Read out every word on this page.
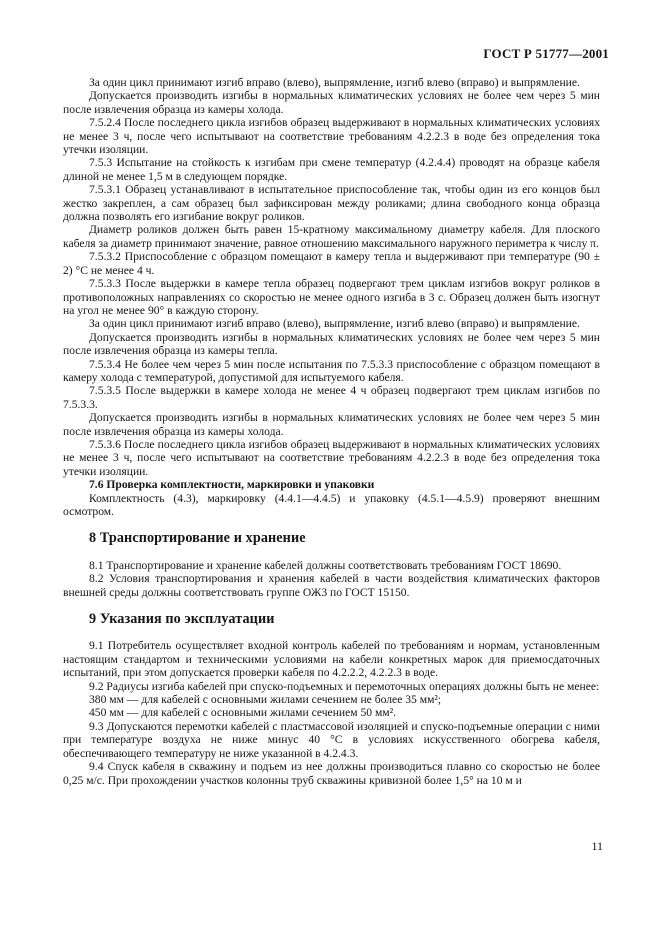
ГОСТ Р 51777—2001

За один цикл принимают изгиб вправо (влево), выпрямление, изгиб влево (вправо) и выпрямление.

Допускается производить изгибы в нормальных климатических условиях не более чем через 5 мин после извлечения образца из камеры холода.

7.5.2.4 После последнего цикла изгибов образец выдерживают в нормальных климатических условиях не менее 3 ч, после чего испытывают на соответствие требованиям 4.2.2.3 в воде без определения тока утечки изоляции.

7.5.3 Испытание на стойкость к изгибам при смене температур (4.2.4.4) проводят на образце кабеля длиной не менее 1,5 м в следующем порядке.

7.5.3.1 Образец устанавливают в испытательное приспособление так, чтобы один из его концов был жестко закреплен, а сам образец был зафиксирован между роликами; длина свободного конца образца должна позволять его изгибание вокруг роликов.

Диаметр роликов должен быть равен 15-кратному максимальному диаметру кабеля. Для плоского кабеля за диаметр принимают значение, равное отношению максимального наружного периметра к числу π.

7.5.3.2 Приспособление с образцом помещают в камеру тепла и выдерживают при температуре (90 ± 2) °С не менее 4 ч.

7.5.3.3 После выдержки в камере тепла образец подвергают трем циклам изгибов вокруг роликов в противоположных направлениях со скоростью не менее одного изгиба в 3 с. Образец должен быть изогнут на угол не менее 90° в каждую сторону.

За один цикл принимают изгиб вправо (влево), выпрямление, изгиб влево (вправо) и выпрямление.

Допускается производить изгибы в нормальных климатических условиях не более чем через 5 мин после извлечения образца из камеры тепла.

7.5.3.4 Не более чем через 5 мин после испытания по 7.5.3.3 приспособление с образцом помещают в камеру холода с температурой, допустимой для испытуемого кабеля.

7.5.3.5 После выдержки в камере холода не менее 4 ч образец подвергают трем циклам изгибов по 7.5.3.3.

Допускается производить изгибы в нормальных климатических условиях не более чем через 5 мин после извлечения образца из камеры холода.

7.5.3.6 После последнего цикла изгибов образец выдерживают в нормальных климатических условиях не менее 3 ч, после чего испытывают на соответствие требованиям 4.2.2.3 в воде без определения тока утечки изоляции.

7.6 Проверка комплектности, маркировки и упаковки

Комплектность (4.3), маркировку (4.4.1—4.4.5) и упаковку (4.5.1—4.5.9) проверяют внешним осмотром.

8 Транспортирование и хранение

8.1 Транспортирование и хранение кабелей должны соответствовать требованиям ГОСТ 18690.

8.2 Условия транспортирования и хранения кабелей в части воздействия климатических факторов внешней среды должны соответствовать группе ОЖ3 по ГОСТ 15150.

9 Указания по эксплуатации

9.1 Потребитель осуществляет входной контроль кабелей по требованиям и нормам, установленным настоящим стандартом и техническими условиями на кабели конкретных марок для приемосдаточных испытаний, при этом допускается проверки кабеля по 4.2.2.2, 4.2.2.3 в воде.

9.2 Радиусы изгиба кабелей при спуско-подъемных и перемоточных операциях должны быть не менее:

380 мм — для кабелей с основными жилами сечением не более 35 мм²;

450 мм — для кабелей с основными жилами сечением 50 мм².

9.3 Допускаются перемотки кабелей с пластмассовой изоляцией и спуско-подъемные операции с ними при температуре воздуха не ниже минус 40 °С в условиях искусственного обогрева кабеля, обеспечивающего температуру не ниже указанной в 4.2.4.3.

9.4 Спуск кабеля в скважину и подъем из нее должны производиться плавно со скоростью не более 0,25 м/с. При прохождении участков колонны труб скважины кривизной более 1,5° на 10 м и

11
